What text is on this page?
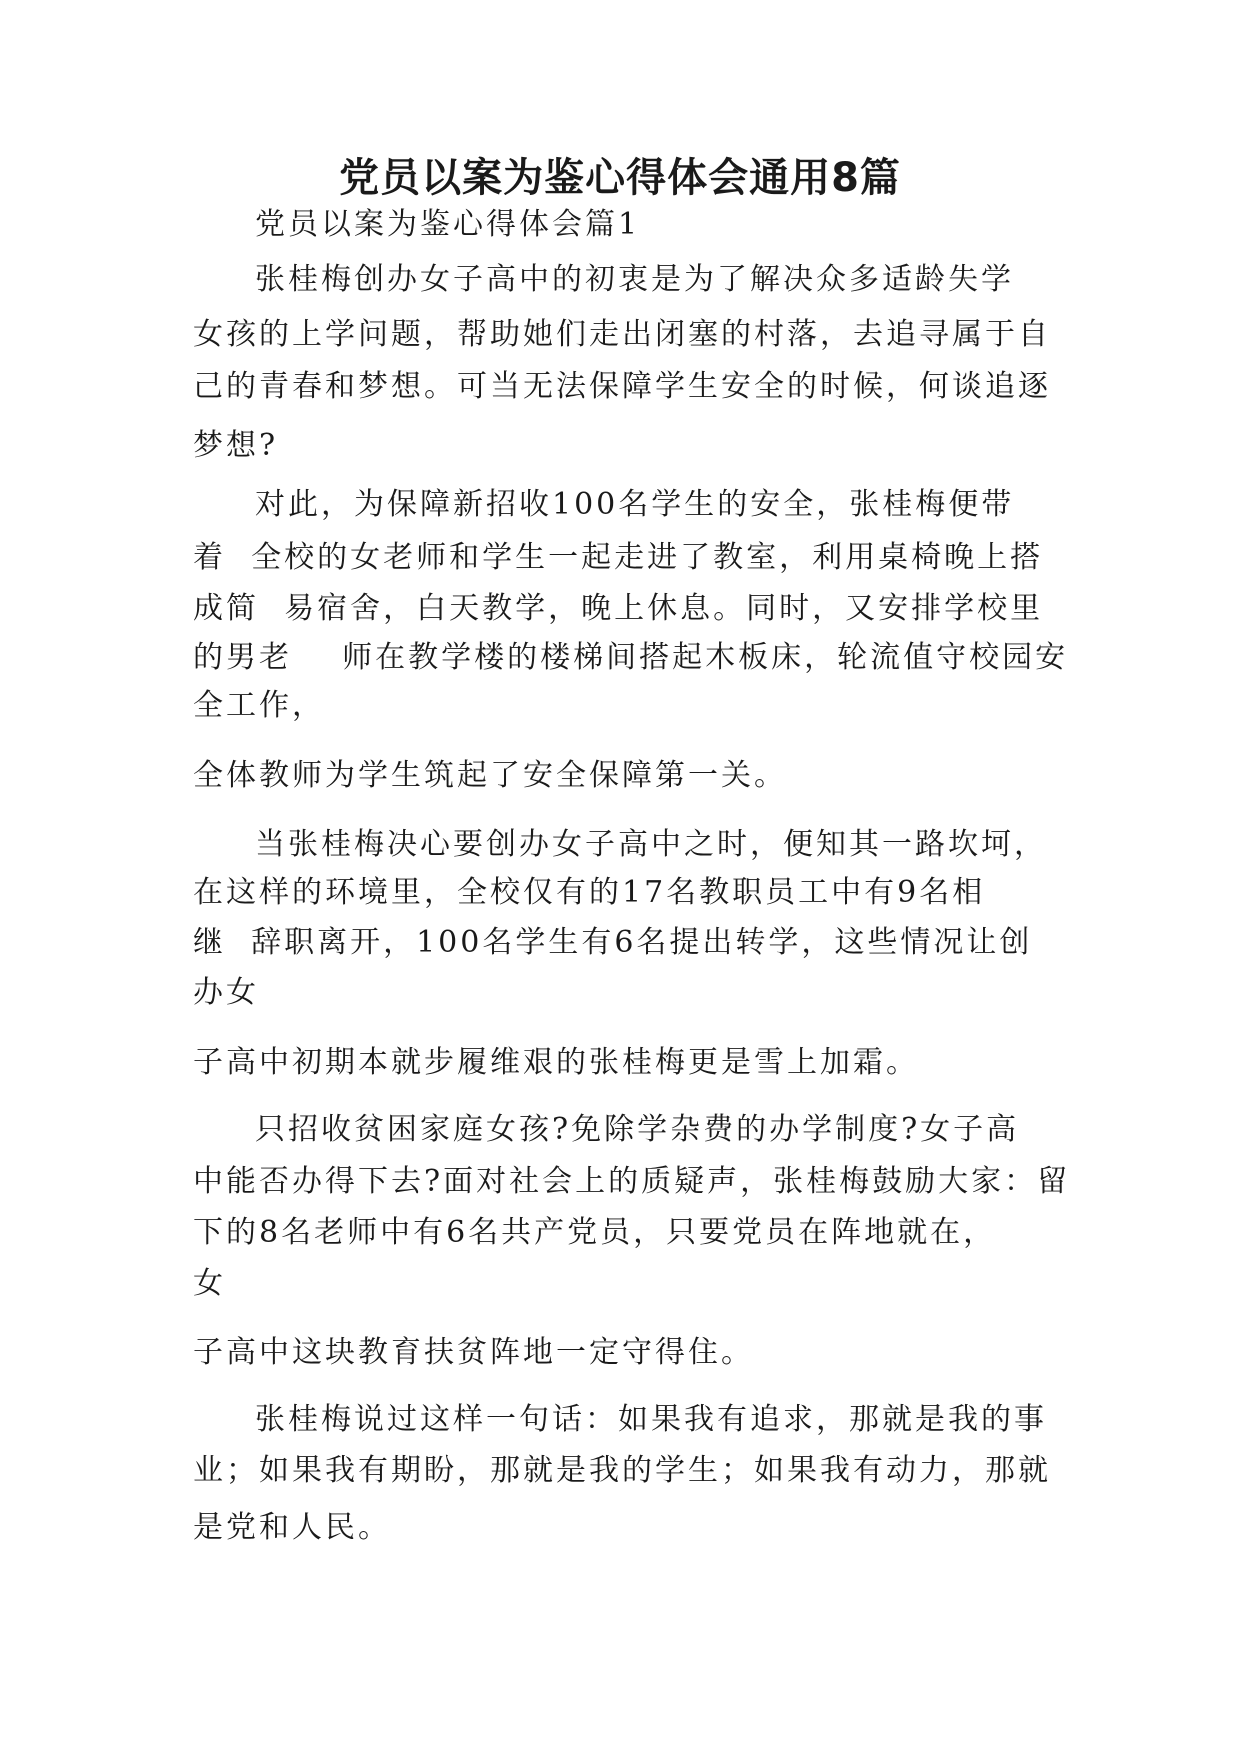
党员以案为鉴心得体会通用8篇

党员以案为鉴心得体会篇1

张桂梅创办女子高中的初衷是为了解决众多适龄失学

女孩的上学问题，帮助她们走出闭塞的村落，去追寻属于自

己的青春和梦想。可当无法保障学生安全的时候，何谈追逐

梦想?

对此，为保障新招收100名学生的安全，张桂梅便带

着  全校的女老师和学生一起走进了教室，利用桌椅晚上搭

成简  易宿舍，白天教学，晚上休息。同时，又安排学校里

的男老    师在教学楼的楼梯间搭起木板床，轮流值守校园安

全工作，

全体教师为学生筑起了安全保障第一关。

当张桂梅决心要创办女子高中之时，便知其一路坎坷，

在这样的环境里，全校仅有的17名教职员工中有9名相

继  辞职离开，100名学生有6名提出转学，这些情况让创

办女

子高中初期本就步履维艰的张桂梅更是雪上加霜。

只招收贫困家庭女孩?免除学杂费的办学制度?女子高

中能否办得下去?面对社会上的质疑声，张桂梅鼓励大家：留

下的8名老师中有6名共产党员，只要党员在阵地就在，

女

子高中这块教育扶贫阵地一定守得住。

张桂梅说过这样一句话：如果我有追求，那就是我的事

业；如果我有期盼，那就是我的学生；如果我有动力，那就

是党和人民。
